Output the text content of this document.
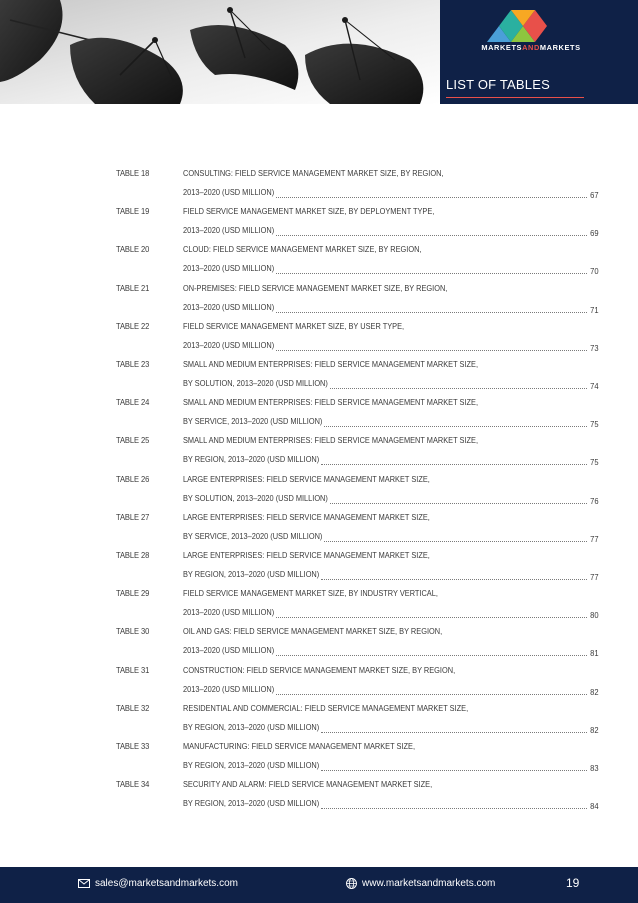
MARKETSANDMARKETS
LIST OF TABLES
TABLE 18	CONSULTING: FIELD SERVICE MANAGEMENT MARKET SIZE, BY REGION,
2013–2020 (USD MILLION)	67
TABLE 19	FIELD SERVICE MANAGEMENT MARKET SIZE, BY DEPLOYMENT TYPE,
2013–2020 (USD MILLION)	69
TABLE 20	CLOUD: FIELD SERVICE MANAGEMENT MARKET SIZE, BY REGION,
2013–2020 (USD MILLION)	70
TABLE 21	ON-PREMISES: FIELD SERVICE MANAGEMENT MARKET SIZE, BY REGION,
2013–2020 (USD MILLION)	71
TABLE 22	FIELD SERVICE MANAGEMENT MARKET SIZE, BY USER TYPE,
2013–2020 (USD MILLION)	73
TABLE 23	SMALL AND MEDIUM ENTERPRISES: FIELD SERVICE MANAGEMENT MARKET SIZE,
BY SOLUTION, 2013–2020 (USD MILLION)	74
TABLE 24	SMALL AND MEDIUM ENTERPRISES: FIELD SERVICE MANAGEMENT MARKET SIZE,
BY SERVICE, 2013–2020 (USD MILLION)	75
TABLE 25	SMALL AND MEDIUM ENTERPRISES: FIELD SERVICE MANAGEMENT MARKET SIZE,
BY REGION, 2013–2020 (USD MILLION)	75
TABLE 26	LARGE ENTERPRISES: FIELD SERVICE MANAGEMENT MARKET SIZE,
BY SOLUTION, 2013–2020 (USD MILLION)	76
TABLE 27	LARGE ENTERPRISES: FIELD SERVICE MANAGEMENT MARKET SIZE,
BY SERVICE, 2013–2020 (USD MILLION)	77
TABLE 28	LARGE ENTERPRISES: FIELD SERVICE MANAGEMENT MARKET SIZE,
BY REGION, 2013–2020 (USD MILLION)	77
TABLE 29	FIELD SERVICE MANAGEMENT MARKET SIZE, BY INDUSTRY VERTICAL,
2013–2020 (USD MILLION)	80
TABLE 30	OIL AND GAS: FIELD SERVICE MANAGEMENT MARKET SIZE, BY REGION,
2013–2020 (USD MILLION)	81
TABLE 31	CONSTRUCTION: FIELD SERVICE MANAGEMENT MARKET SIZE, BY REGION,
2013–2020 (USD MILLION)	82
TABLE 32	RESIDENTIAL AND COMMERCIAL: FIELD SERVICE MANAGEMENT MARKET SIZE,
BY REGION, 2013–2020 (USD MILLION)	82
TABLE 33	MANUFACTURING: FIELD SERVICE MANAGEMENT MARKET SIZE,
BY REGION, 2013–2020 (USD MILLION)	83
TABLE 34	SECURITY AND ALARM: FIELD SERVICE MANAGEMENT MARKET SIZE,
BY REGION, 2013–2020 (USD MILLION)	84
sales@marketsandmarkets.com	www.marketsandmarkets.com	19
